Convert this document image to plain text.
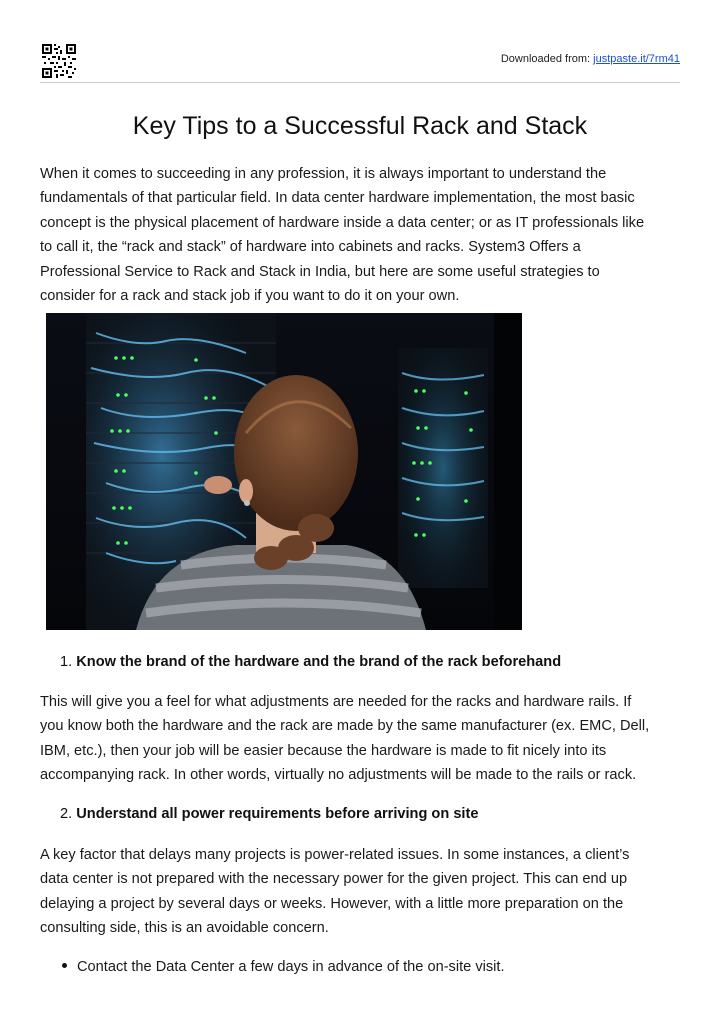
Downloaded from: justpaste.it/7rm41
Key Tips to a Successful Rack and Stack
When it comes to succeeding in any profession, it is always important to understand the
fundamentals of that particular field. In data center hardware implementation, the most basic
concept is the physical placement of hardware inside a data center; or as IT professionals like
to call it, the “rack and stack” of hardware into cabinets and racks. System3 Offers a
Professional Service to Rack and Stack in India, but here are some useful strategies to
consider for a rack and stack job if you want to do it on your own.
1. Know the brand of the hardware and the brand of the rack beforehand
This will give you a feel for what adjustments are needed for the racks and hardware rails. If
you know both the hardware and the rack are made by the same manufacturer (ex. EMC, Dell,
IBM, etc.), then your job will be easier because the hardware is made to fit nicely into its
accompanying rack. In other words, virtually no adjustments will be made to the rails or rack.
2. Understand all power requirements before arriving on site
A key factor that delays many projects is power-related issues. In some instances, a client’s
data center is not prepared with the necessary power for the given project. This can end up
delaying a project by several days or weeks. However, with a little more preparation on the
consulting side, this is an avoidable concern.
Contact the Data Center a few days in advance of the on-site visit.
